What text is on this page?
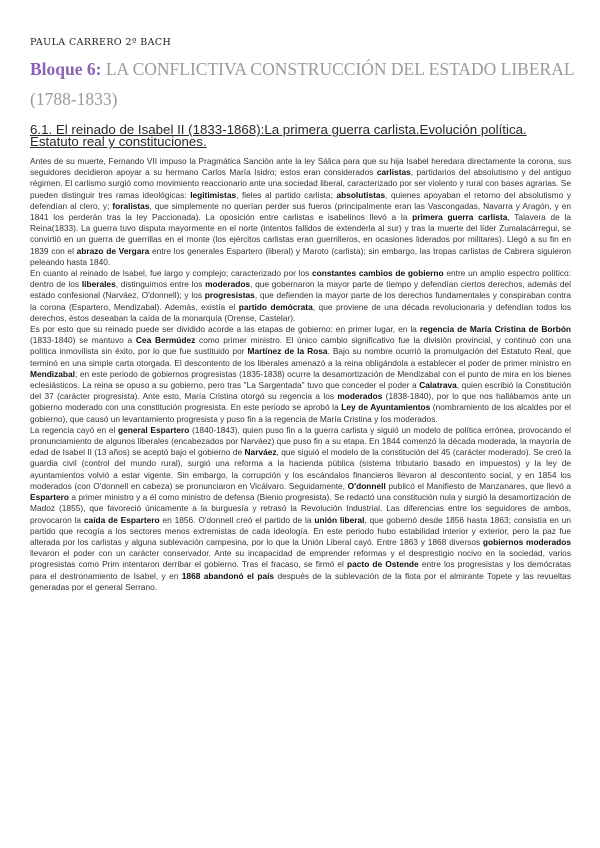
PAULA CARRERO 2º BACH
Bloque 6: LA CONFLICTIVA CONSTRUCCIÓN DEL ESTADO LIBERAL (1788-1833)
6.1. El reinado de Isabel II (1833-1868):La primera guerra carlista.Evolución política. Estatuto real y constituciones.

Antes de su muerte, Fernando VII impuso la Pragmática Sanción ante la ley Sálica para que su hija Isabel heredara directamente la corona, sus seguidores decidieron apoyar a su hermano Carlos María Isidro; estos eran considerados carlistas, partidarios del absolutismo y del antiguo régimen. El carlismo surgió como movimiento reaccionario ante una sociedad liberal, caracterizado por ser violento y rural con bases agrarias. Se pueden distinguir tres ramas ideológicas: legitimistas, fieles al partido carlista; absolutistas, quienes apoyaban el retorno del absolutismo y defendían al clero, y; foralistas, que simplemente no querían perder sus fueros (principalmente eran las Vascongadas, Navarra y Aragón, y en 1841 los perderán tras la ley Paccionada). La oposición entre carlistas e isabelinos llevó a la primera guerra carlista, Talavera de la Reina(1833). La guerra tuvo disputa mayormente en el norte (intentos fallidos de extenderla al sur) y tras la muerte del líder Zumalacárregui, se convirtió en un guerra de guerrillas en el monte (los ejércitos carlistas eran guerrilleros, en ocasiones liderados por militares). Llegó a su fin en 1839 con el abrazo de Vergara entre los generales Espartero (liberal) y Maroto (carlista); sin embargo, las tropas carlistas de Cabrera siguieron peleando hasta 1840.

En cuanto al reinado de Isabel, fue largo y complejo; caracterizado por los constantes cambios de gobierno entre un amplio espectro político: dentro de los liberales, distinguimos entre los moderados, que gobernaron la mayor parte de tiempo y defendían ciertos derechos, además del estado confesional (Narváez, O'donnell); y los progresistas, que defienden la mayor parte de los derechos fundamentales y conspiraban contra la corona (Espartero, Mendizabal). Además, existía el partido demócrata, que proviene de una década revolucionaria y defendían todos los derechos, éstos deseaban la caída de la monarquía (Orense, Castelar).

Es por esto que su reinado puede ser dividido acorde a las etapas de gobierno: en primer lugar, en la regencia de María Cristina de Borbón (1833-1840) se mantuvo a Cea Bermúdez como primer ministro. El único cambio significativo fue la división provincial, y continuó con una política inmovilista sin éxito, por lo que fue sustituido por Martínez de la Rosa. Bajo su nombre ocurrió la promulgación del Estatuto Real, que terminó en una simple carta otorgada. El descontento de los liberales amenazó a la reina obligándola a establecer el poder de primer ministro en Mendizabal; en este periodo de gobiernos progresistas (1835-1838) ocurre la desamortización de Mendizabal con el punto de mira en los bienes eclesiásticos. La reina se opuso a su gobierno, pero tras "La Sargentada" tuvo que conceder el poder a Calatrava, quien escribió la Constitución del 37 (carácter progresista). Ante esto, María Cristina otorgó su regencia a los moderados (1838-1840), por lo que nos hallábamos ante un gobierno moderado con una constitución progresista. En este periodo se aprobó la Ley de Ayuntamientos (nombramiento de los alcaldes por el gobierno), que causó un levantamiento progresista y puso fin a la regencia de María Cristina y los moderados.

La regencia cayó en el general Espartero (1840-1843), quien puso fin a la guerra carlista y siguió un modelo de política errónea, provocando el pronunciamiento de algunos liberales (encabezados por Narváez) que puso fin a su etapa. En 1844 comenzó la década moderada, la mayoría de edad de Isabel II (13 años) se aceptó bajo el gobierno de Narváez, que siguió el modelo de la constitución del 45 (carácter moderado). Se creó la guardia civil (control del mundo rural), surgió una reforma a la hacienda pública (sistema tributario basado en impuestos) y la ley de ayuntamientos volvió a estar vigente. Sin embargo, la corrupción y los escándalos financieros llevaron al descontento social, y en 1854 los moderados (con O'donnell en cabeza) se pronunciaron en Vicálvaro. Seguidamente, O'donnell publicó el Manifiesto de Manzanares, que llevó a Espartero a primer ministro y a él como ministro de defensa (Bienio progresista). Se redactó una constitución nula y surgió la desamortización de Madoz (1855), que favoreció únicamente a la burguesía y retrasó la Revolución Industrial. Las diferencias entre los seguidores de ambos, provocaron la caída de Espartero en 1856. O'donnell creó el partido de la unión liberal, que gobernó desde 1856 hasta 1863; consistía en un partido que recogía a los sectores menos extremistas de cada ideología. En este periodo hubo estabilidad interior y exterior, pero la paz fue alterada por los carlistas y alguna sublevación campesina, por lo que la Unión Liberal cayó. Entre 1863 y 1868 diversos gobiernos moderados llevaron el poder con un carácter conservador. Ante su incapacidad de emprender reformas y el desprestigio nocivo en la sociedad, varios progresistas como Prim intentaron derribar el gobierno. Tras el fracaso, se firmó el pacto de Ostende entre los progresistas y los demócratas para el destronamiento de Isabel, y en 1868 abandonó el país después de la sublevación de la flota por el almirante Topete y las revueltas generadas por el general Serrano.
